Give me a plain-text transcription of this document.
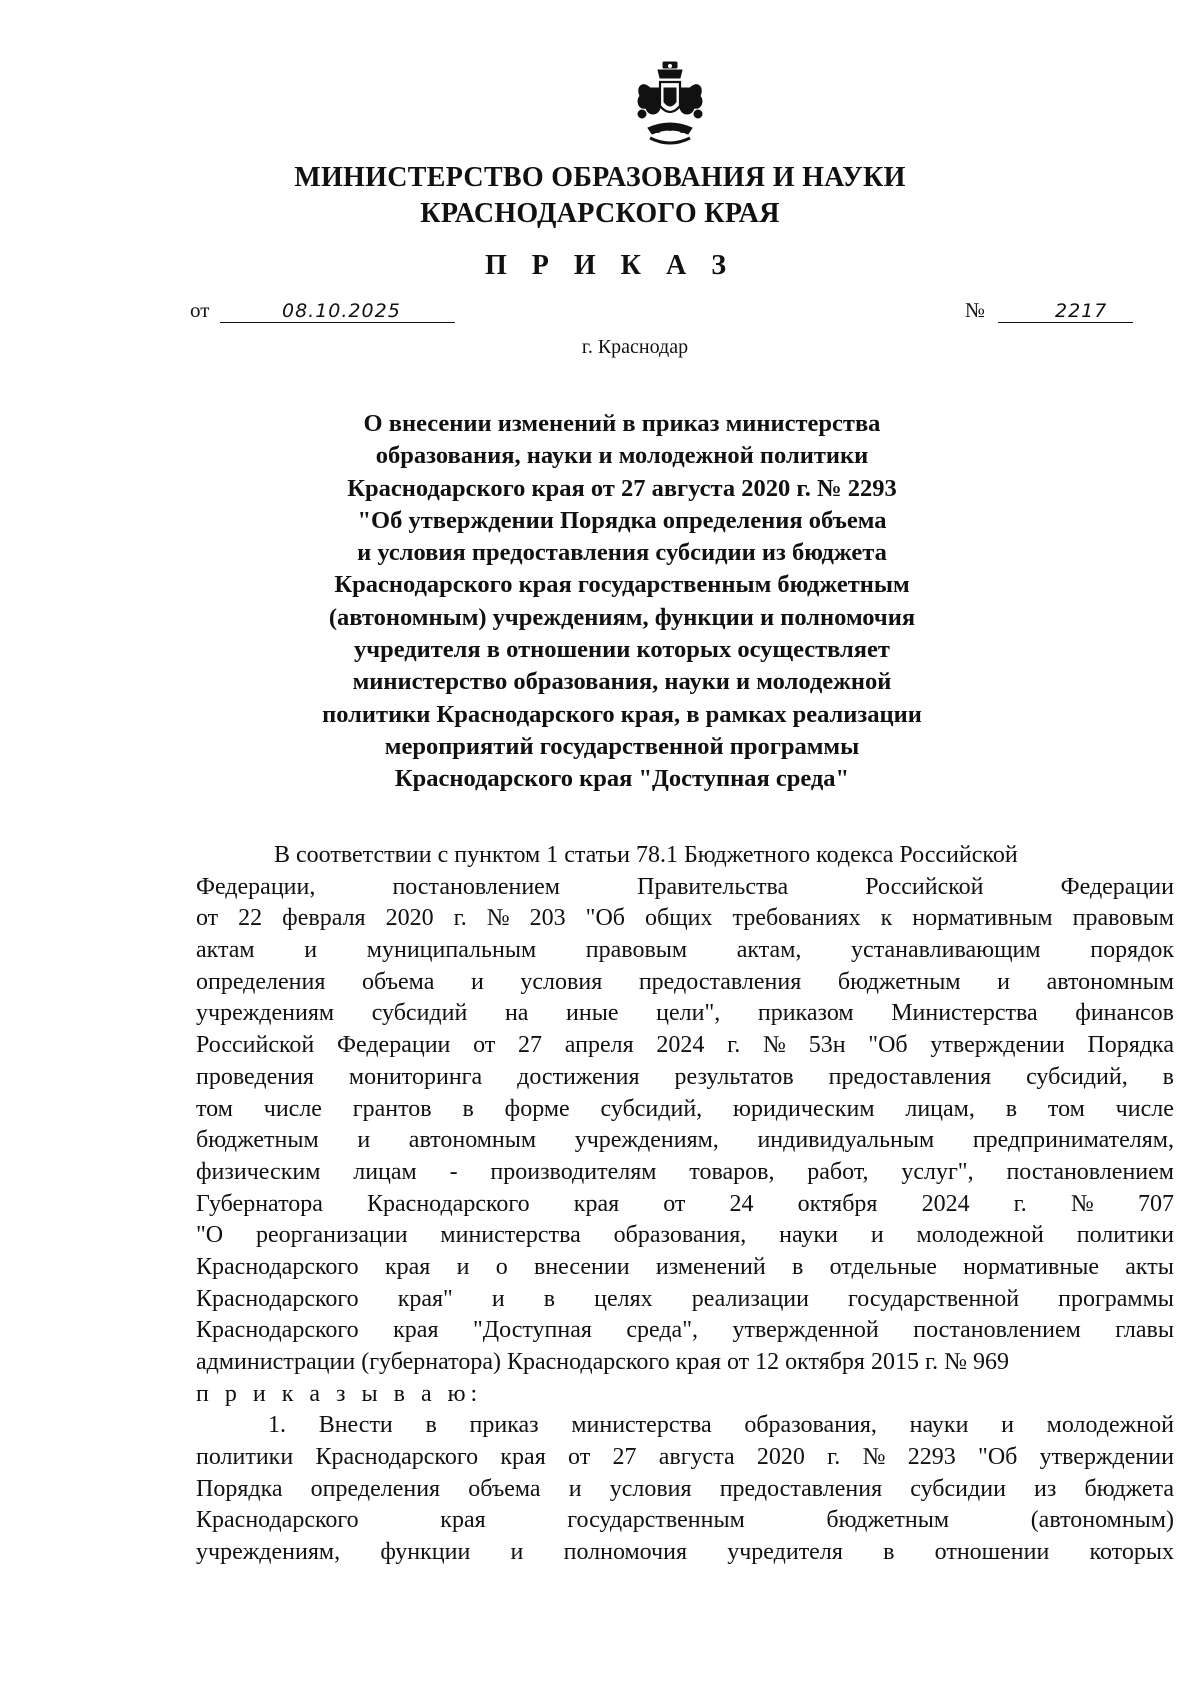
МИНИСТЕРСТВО ОБРАЗОВАНИЯ И НАУКИ
КРАСНОДАРСКОГО КРАЯ
П Р И К А З
от	08.10.2025	№	2217
г. Краснодар
О внесении изменений в приказ министерства
образования, науки и молодежной политики
Краснодарского края от 27 августа 2020 г. № 2293
"Об утверждении Порядка определения объема
и условия предоставления субсидии из бюджета
Краснодарского края государственным бюджетным
(автономным) учреждениям, функции и полномочия
учредителя в отношении которых осуществляет
министерство образования, науки и молодежной
политики Краснодарского края, в рамках реализации
мероприятий государственной программы
Краснодарского края "Доступная среда"
В соответствии с пунктом 1 статьи 78.1 Бюджетного кодекса Российской
Федерации,	постановлением	Правительства	Российской	Федерации
от 22 февраля 2020 г. № 203 "Об общих требованиях к нормативным правовым
актам и муниципальным правовым актам, устанавливающим порядок
определения объема и условия предоставления бюджетным и автономным
учреждениям субсидий на иные цели", приказом Министерства финансов
Российской Федерации от 27 апреля 2024 г. № 53н "Об утверждении Порядка
проведения мониторинга достижения результатов предоставления субсидий, в
том числе грантов в форме субсидий, юридическим лицам, в том числе
бюджетным и автономным учреждениям, индивидуальным предпринимателям,
физическим лицам - производителям товаров, работ, услуг", постановлением
Губернатора Краснодарского края от 24 октября 2024 г. № 707
"О реорганизации министерства образования, науки и молодежной политики
Краснодарского края и о внесении изменений в отдельные нормативные акты
Краснодарского края" и в целях реализации государственной программы
Краснодарского края "Доступная среда", утвержденной постановлением главы
администрации (губернатора) Краснодарского края от 12 октября 2015 г. № 969
п р и к а з ы в а ю:
1. Внести в приказ министерства образования, науки и молодежной
политики Краснодарского края от 27 августа 2020 г. № 2293 "Об утверждении
Порядка определения объема и условия предоставления субсидии из бюджета
Краснодарского	края	государственным	бюджетным	(автономным)
учреждениям, функции и полномочия учредителя в отношении которых
